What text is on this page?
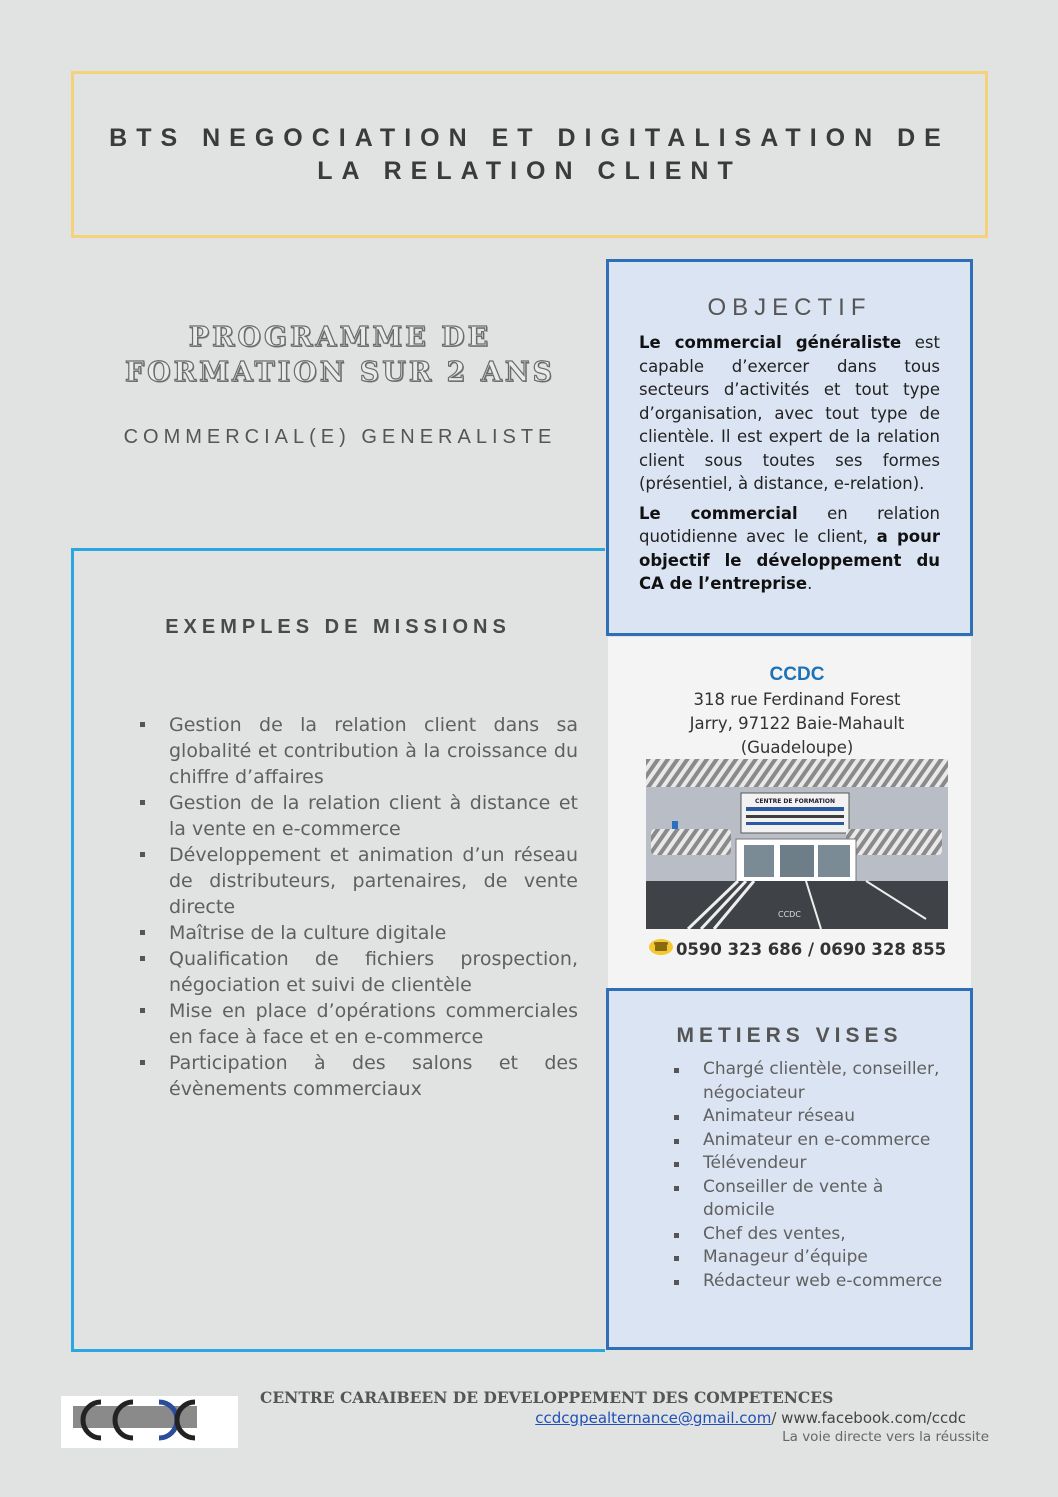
BTS NEGOCIATION ET DIGITALISATION DE LA RELATION CLIENT
PROGRAMME DE
FORMATION SUR 2 ANS
COMMERCIAL(E) GENERALISTE
EXEMPLES DE MISSIONS
Gestion de la relation client dans sa globalité et contribution à la croissance du chiffre d’affaires
Gestion de la relation client à distance et la vente en e-commerce
Développement et animation d’un réseau de distributeurs, partenaires, de vente directe
Maîtrise de la culture digitale
Qualification de fichiers prospection, négociation et suivi de clientèle
Mise en place d’opérations commerciales en face à face et en e-commerce
Participation à des salons et des évènements commerciaux
OBJECTIF

Le commercial généraliste est capable d’exercer dans tous secteurs d’activités et tout type d’organisation, avec tout type de clientèle. Il est expert de la relation client sous toutes ses formes (présentiel, à distance, e-relation).

Le commercial en relation quotidienne avec le client, a pour objectif le développement du CA de l’entreprise.

CCDC
318 rue Ferdinand Forest
Jarry, 97122 Baie-Mahault
(Guadeloupe)
CENTRE DE FORMATION
CCDC
0590 323 686 / 0690 328 855
METIERS VISES
Chargé clientèle, conseiller, négociateur
Animateur réseau
Animateur en e-commerce
Télévendeur
Conseiller de vente à domicile
Chef des ventes,
Manageur d’équipe
Rédacteur web e-commerce
CENTRE CARAIBEEN DE DEVELOPPEMENT DES COMPETENCES
ccdcgpealternance@gmail.com/ www.facebook.com/ccdc
La voie directe vers la réussite
